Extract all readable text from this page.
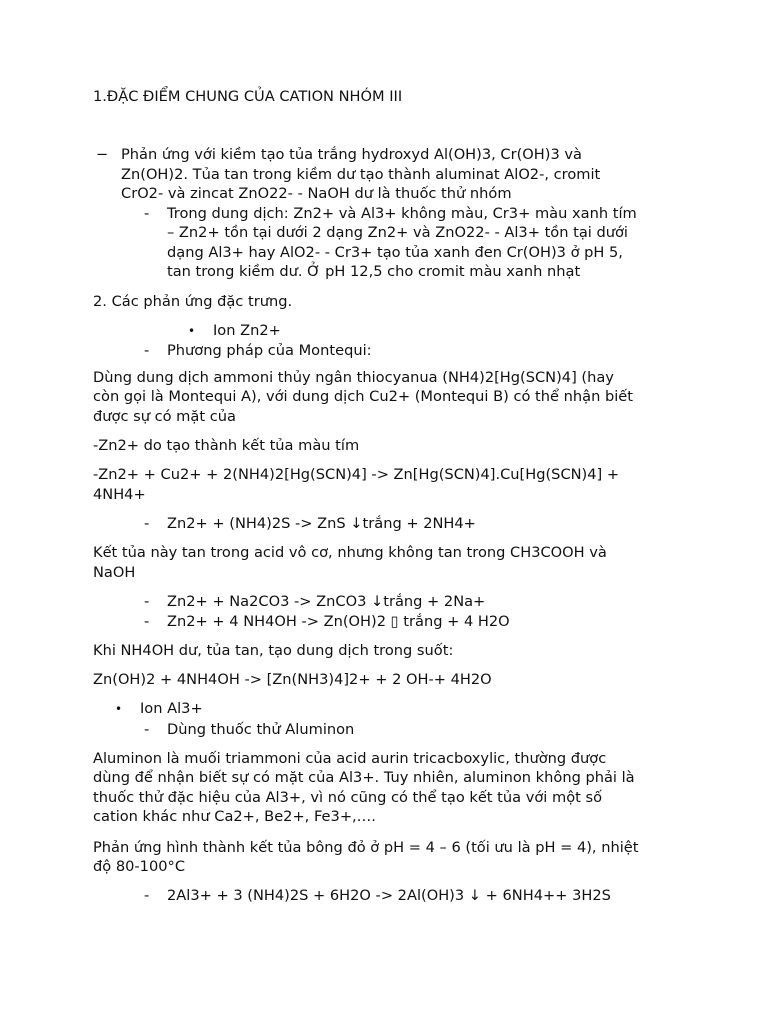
1.ĐẶC ĐIỂM CHUNG CỦA CATION NHÓM III

− Phản ứng với kiềm tạo tủa trắng hydroxyd Al(OH)3, Cr(OH)3 và

Zn(OH)2. Tủa tan trong kiềm dư tạo thành aluminat AlO2-, cromit

CrO2- và zincat ZnO22- - NaOH dư là thuốc thử nhóm

- Trong dung dịch: Zn2+ và Al3+ không màu, Cr3+ màu xanh tím

– Zn2+ tồn tại dưới 2 dạng Zn2+ và ZnO22- - Al3+ tồn tại dưới

dạng Al3+ hay AlO2- - Cr3+ tạo tủa xanh đen Cr(OH)3 ở pH 5,

tan trong kiềm dư. Ở pH 12,5 cho cromit màu xanh nhạt

2. Các phản ứng đặc trưng.

• Ion Zn2+

- Phương pháp của Montequi:

Dùng dung dịch ammoni thủy ngân thiocyanua (NH4)2[Hg(SCN)4] (hay

còn gọi là Montequi A), với dung dịch Cu2+ (Montequi B) có thể nhận biết

được sự có mặt của

-Zn2+ do tạo thành kết tủa màu tím

-Zn2+ + Cu2+ + 2(NH4)2[Hg(SCN)4] -> Zn[Hg(SCN)4].Cu[Hg(SCN)4] +

4NH4+

- Zn2+ + (NH4)2S -> ZnS ↓trắng + 2NH4+

Kết tủa này tan trong acid vô cơ, nhưng không tan trong CH3COOH và

NaOH

- Zn2+ + Na2CO3 -> ZnCO3 ↓trắng + 2Na+

- Zn2+ + 4 NH4OH -> Zn(OH)2 ▯ trắng + 4 H2O

Khi NH4OH dư, tủa tan, tạo dung dịch trong suốt:

Zn(OH)2 + 4NH4OH -> [Zn(NH3)4]2+ + 2 OH-+ 4H2O

• Ion Al3+

- Dùng thuốc thử Aluminon

Aluminon là muối triammoni của acid aurin tricacboxylic, thường được

dùng để nhận biết sự có mặt của Al3+. Tuy nhiên, aluminon không phải là

thuốc thử đặc hiệu của Al3+, vì nó cũng có thể tạo kết tủa với một số

cation khác như Ca2+, Be2+, Fe3+,….

Phản ứng hình thành kết tủa bông đỏ ở pH = 4 – 6 (tối ưu là pH = 4), nhiệt

độ 80-100°C

- 2Al3+ + 3 (NH4)2S + 6H2O -> 2Al(OH)3 ↓ + 6NH4++ 3H2S
